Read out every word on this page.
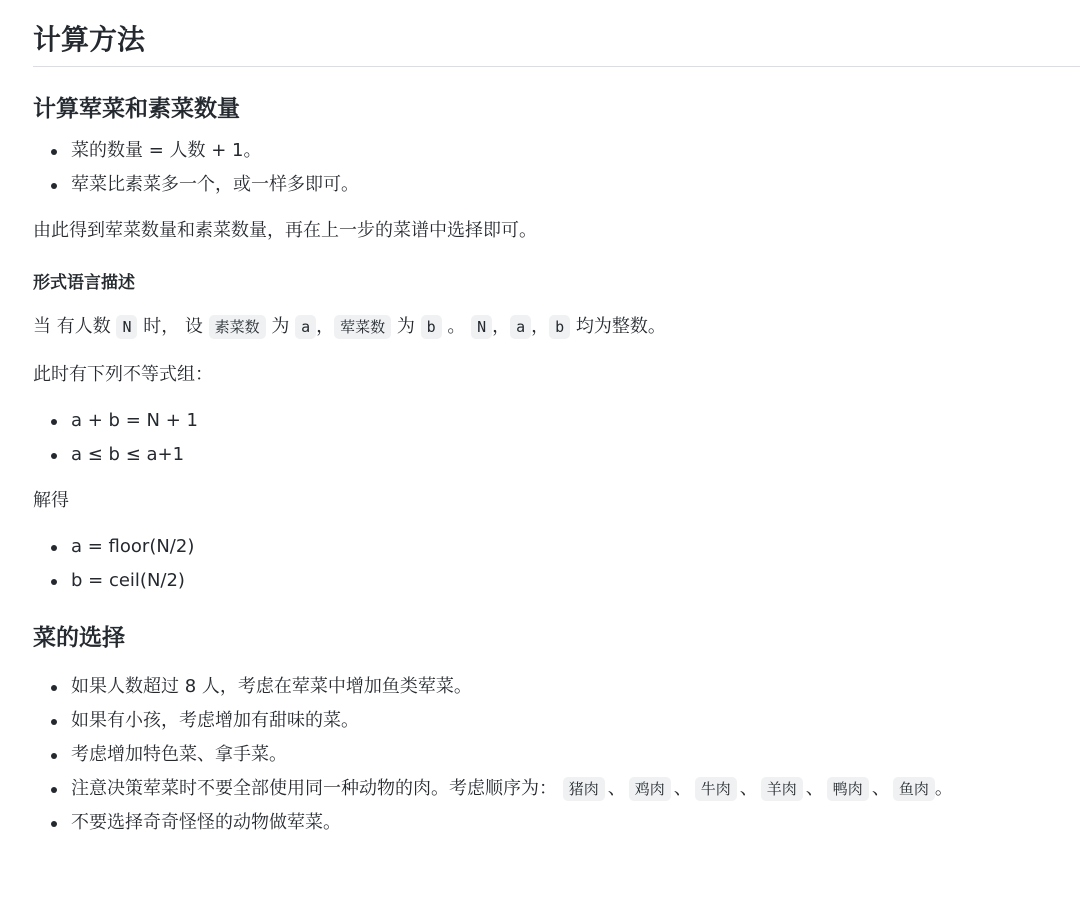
计算方法
计算荤菜和素菜数量
菜的数量 = 人数 + 1。
荤菜比素菜多一个，或一样多即可。

由此得到荤菜数量和素菜数量，再在上一步的菜谱中选择即可。

形式语言描述

当 有人数 N 时， 设 素菜数 为 a ， 荤菜数 为 b 。 N ， a ， b 均为整数。

此时有下列不等式组：

a + b = N + 1
a ≤ b ≤ a+1

解得

a = floor(N/2)
b = ceil(N/2)
菜的选择
如果人数超过 8 人，考虑在荤菜中增加鱼类荤菜。
如果有小孩，考虑增加有甜味的菜。
考虑增加特色菜、拿手菜。
注意决策荤菜时不要全部使用同一种动物的肉。考虑顺序为： 猪肉 、 鸡肉 、 牛肉 、 羊肉 、 鸭肉 、 鱼肉 。
不要选择奇奇怪怪的动物做荤菜。
